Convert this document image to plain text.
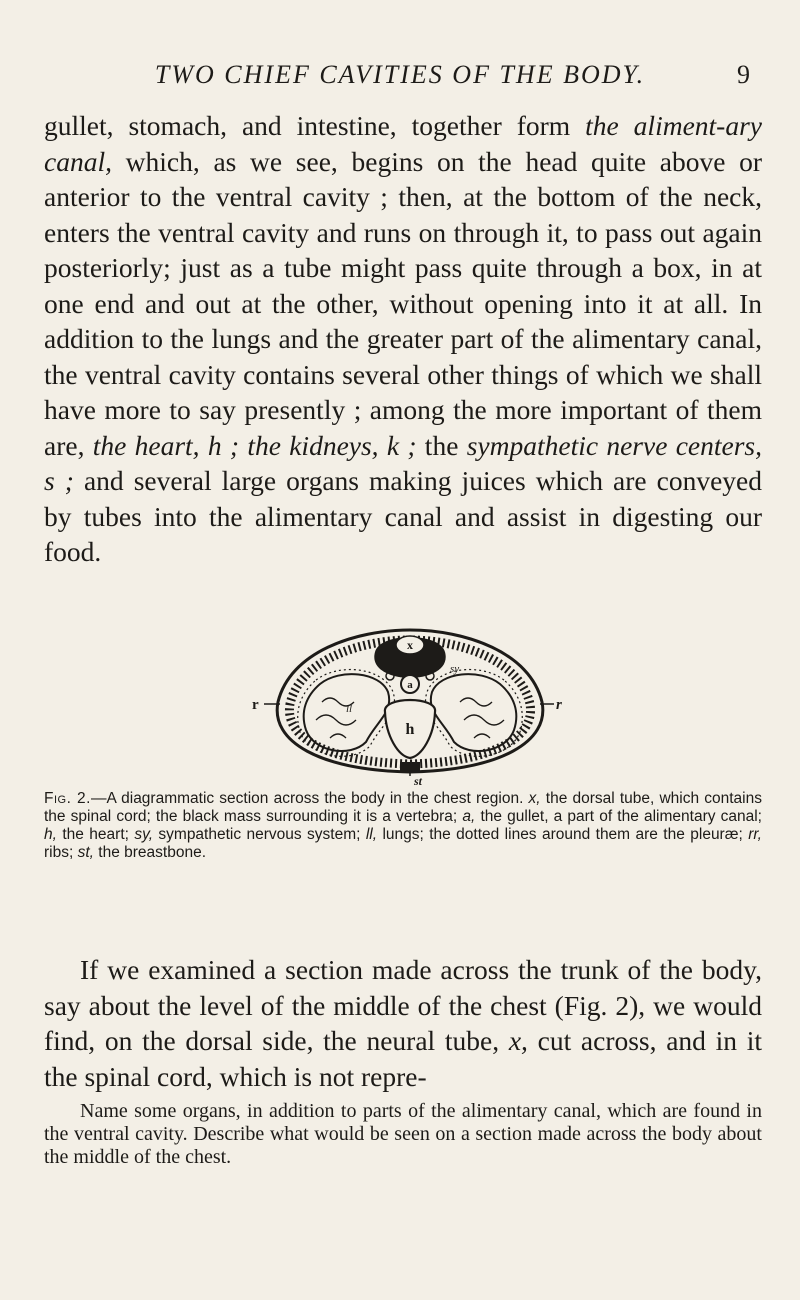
TWO CHIEF CAVITIES OF THE BODY.	9

gullet, stomach, and intestine, together form the aliment-ary canal, which, as we see, begins on the head quite above or anterior to the ventral cavity ; then, at the bottom of the neck, enters the ventral cavity and runs on through it, to pass out again posteriorly; just as a tube might pass quite through a box, in at one end and out at the other, without opening into it at all. In addition to the lungs and the greater part of the alimentary canal, the ventral cavity contains several other things of which we shall have more to say presently ; among the more important of them are, the heart, h ; the kidneys, k ; the sympathetic nerve centers, s ; and several large organs making juices which are conveyed by tubes into the alimentary canal and assist in digesting our food.

x
a
sy
h
ll
r	r
st

Fig. 2.—A diagrammatic section across the body in the chest region. x, the dorsal tube, which contains the spinal cord; the black mass surrounding it is a vertebra; a, the gullet, a part of the alimentary canal; h, the heart; sy, sympathetic nervous system; ll, lungs; the dotted lines around them are the pleuræ; rr, ribs; st, the breastbone.

If we examined a section made across the trunk of the body, say about the level of the middle of the chest (Fig. 2), we would find, on the dorsal side, the neural tube, x, cut across, and in it the spinal cord, which is not repre-

Name some organs, in addition to parts of the alimentary canal, which are found in the ventral cavity. Describe what would be seen on a section made across the body about the middle of the chest.
